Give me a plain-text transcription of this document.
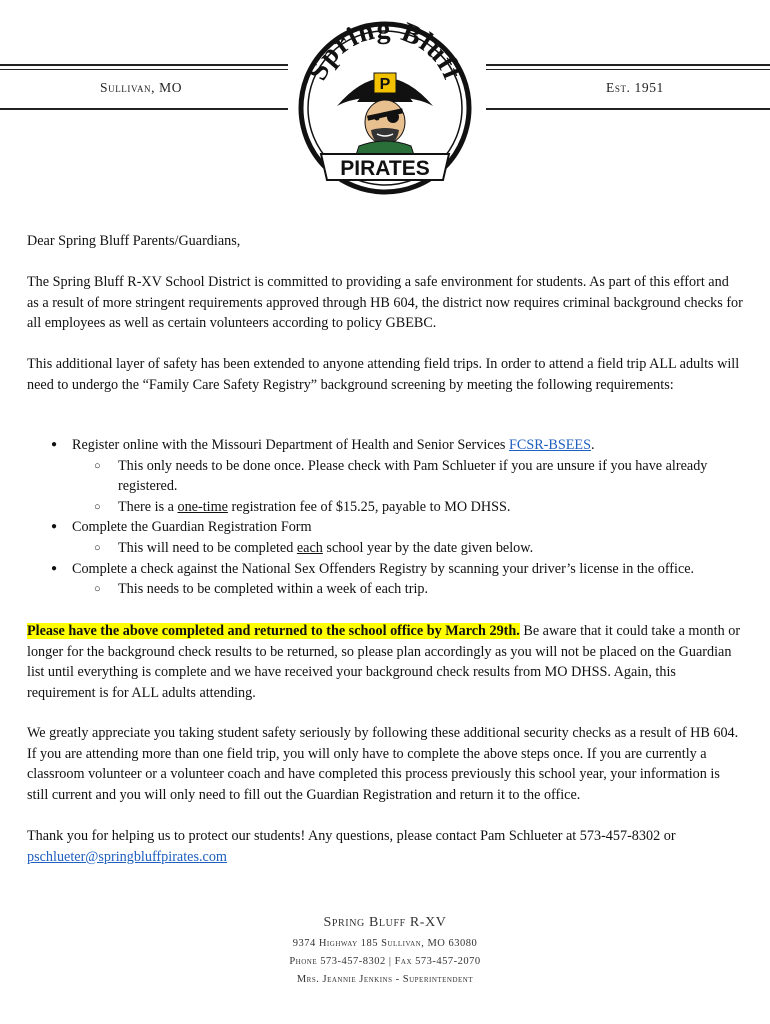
Sullivan, MO	Est. 1951
Spring Bluff
P
PIRATES

Dear Spring Bluff Parents/Guardians,

The Spring Bluff R-XV School District is committed to providing a safe environment for students. As part of this effort and as a result of more stringent requirements approved through HB 604, the district now requires criminal background checks for all employees as well as certain volunteers according to policy GBEBC.

This additional layer of safety has been extended to anyone attending field trips. In order to attend a field trip ALL adults will need to undergo the “Family Care Safety Registry” background screening by meeting the following requirements:

● Register online with the Missouri Department of Health and Senior Services FCSR-BSEES.
○ This only needs to be done once. Please check with Pam Schlueter if you are unsure if you have already registered.
○ There is a one-time registration fee of $15.25, payable to MO DHSS.
● Complete the Guardian Registration Form
○ This will need to be completed each school year by the date given below.
● Complete a check against the National Sex Offenders Registry by scanning your driver’s license in the office.
○ This needs to be completed within a week of each trip.

Please have the above completed and returned to the school office by March 29th. Be aware that it could take a month or longer for the background check results to be returned, so please plan accordingly as you will not be placed on the Guardian list until everything is complete and we have received your background check results from MO DHSS. Again, this requirement is for ALL adults attending.

We greatly appreciate you taking student safety seriously by following these additional security checks as a result of HB 604. If you are attending more than one field trip, you will only have to complete the above steps once. If you are currently a classroom volunteer or a volunteer coach and have completed this process previously this school year, your information is still current and you will only need to fill out the Guardian Registration and return it to the office.

Thank you for helping us to protect our students! Any questions, please contact Pam Schlueter at 573-457-8302 or pschlueter@springbluffpirates.com

Spring Bluff R-XV
9374 Highway 185 Sullivan, MO 63080
Phone 573-457-8302 | Fax 573-457-2070
Mrs. Jeannie Jenkins - Superintendent
